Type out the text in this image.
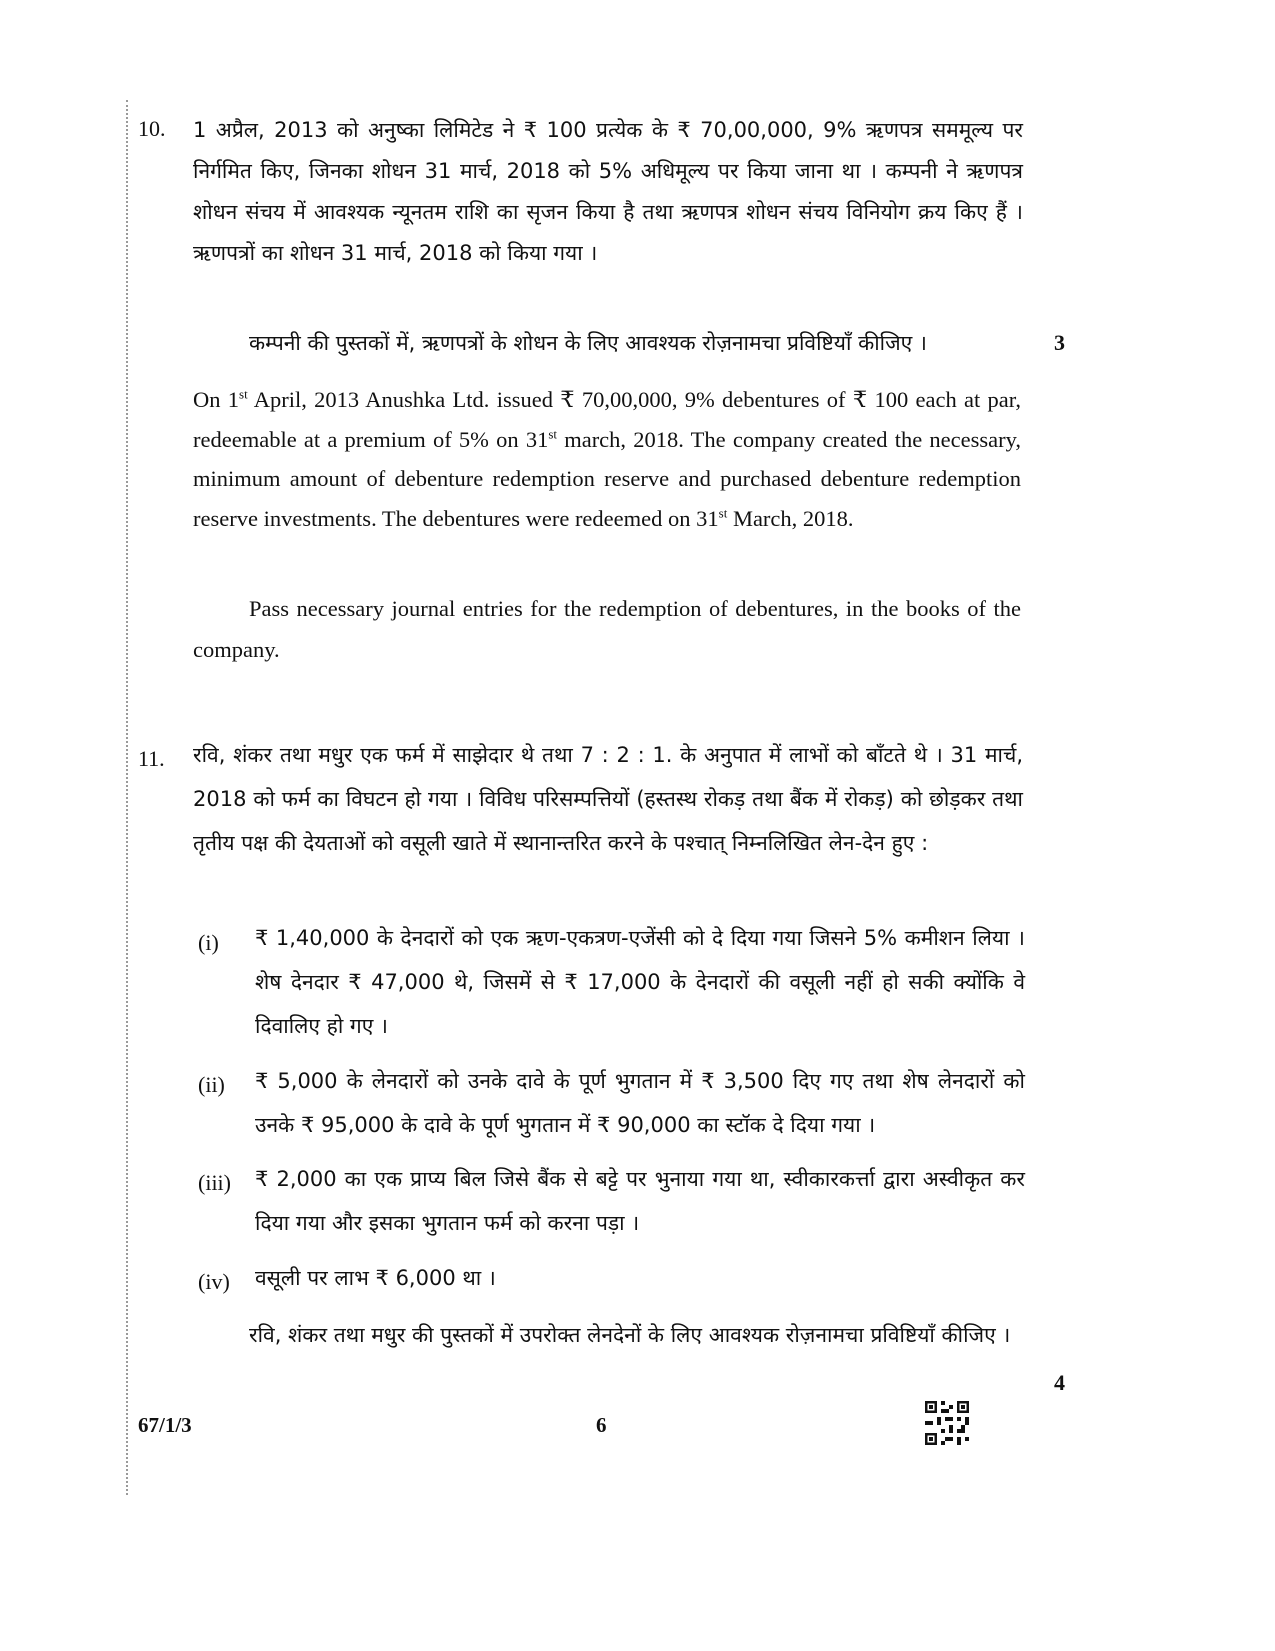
10. 1 अप्रैल, 2013 को अनुष्का लिमिटेड ने ₹ 100 प्रत्येक के ₹ 70,00,000, 9% ऋणपत्र सममूल्य पर निर्गमित किए, जिनका शोधन 31 मार्च, 2018 को 5% अधिमूल्य पर किया जाना था । कम्पनी ने ऋणपत्र शोधन संचय में आवश्यक न्यूनतम राशि का सृजन किया है तथा ऋणपत्र शोधन संचय विनियोग क्रय किए हैं । ऋणपत्रों का शोधन 31 मार्च, 2018 को किया गया ।

कम्पनी की पुस्तकों में, ऋणपत्रों के शोधन के लिए आवश्यक रोज़नामचा प्रविष्टियाँ कीजिए ।	3

On 1st April, 2013 Anushka Ltd. issued ₹ 70,00,000, 9% debentures of ₹ 100 each at par, redeemable at a premium of 5% on 31st march, 2018. The company created the necessary, minimum amount of debenture redemption reserve and purchased debenture redemption reserve investments. The debentures were redeemed on 31st March, 2018.

Pass necessary journal entries for the redemption of debentures, in the books of the company.

11. रवि, शंकर तथा मधुर एक फर्म में साझेदार थे तथा 7 : 2 : 1. के अनुपात में लाभों को बाँटते थे । 31 मार्च, 2018 को फर्म का विघटन हो गया । विविध परिसम्पत्तियों (हस्तस्थ रोकड़ तथा बैंक में रोकड़) को छोड़कर तथा तृतीय पक्ष की देयताओं को वसूली खाते में स्थानान्तरित करने के पश्चात् निम्नलिखित लेन-देन हुए :

(i) ₹ 1,40,000 के देनदारों को एक ऋण-एकत्रण-एजेंसी को दे दिया गया जिसने 5% कमीशन लिया । शेष देनदार ₹ 47,000 थे, जिसमें से ₹ 17,000 के देनदारों की वसूली नहीं हो सकी क्योंकि वे दिवालिए हो गए ।

(ii) ₹ 5,000 के लेनदारों को उनके दावे के पूर्ण भुगतान में ₹ 3,500 दिए गए तथा शेष लेनदारों को उनके ₹ 95,000 के दावे के पूर्ण भुगतान में ₹ 90,000 का स्टॉक दे दिया गया ।

(iii) ₹ 2,000 का एक प्राप्य बिल जिसे बैंक से बट्टे पर भुनाया गया था, स्वीकारकर्त्ता द्वारा अस्वीकृत कर दिया गया और इसका भुगतान फर्म को करना पड़ा ।

(iv) वसूली पर लाभ ₹ 6,000 था ।

रवि, शंकर तथा मधुर की पुस्तकों में उपरोक्त लेनदेनों के लिए आवश्यक रोज़नामचा प्रविष्टियाँ कीजिए ।

4
67/1/3	6
